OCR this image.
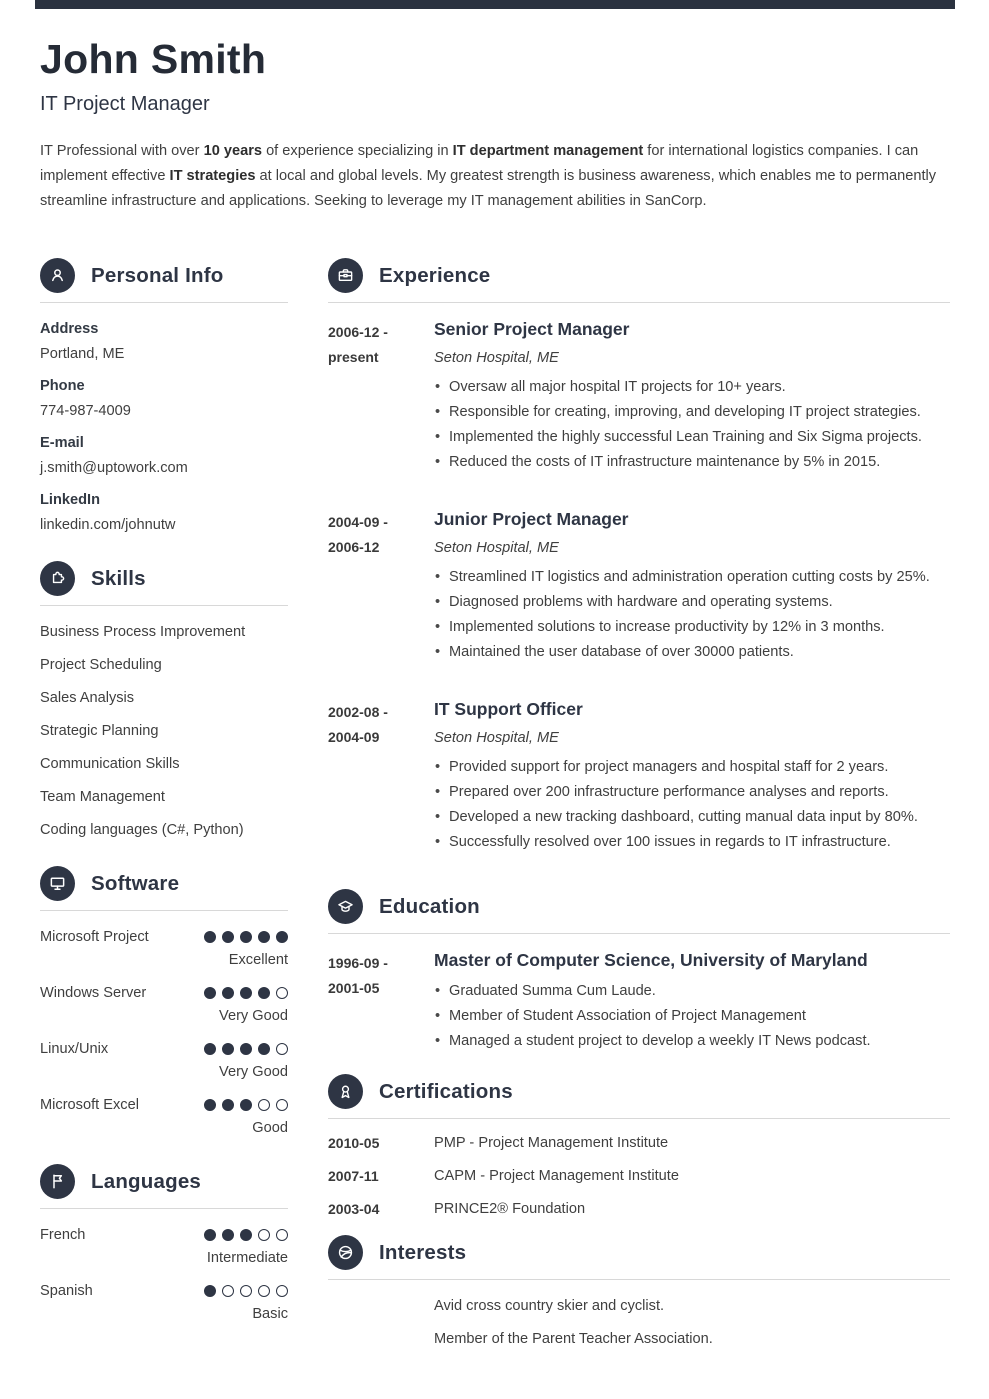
John Smith
IT Project Manager

IT Professional with over 10 years of experience specializing in IT department management for international logistics companies. I can implement effective IT strategies at local and global levels. My greatest strength is business awareness, which enables me to permanently streamline infrastructure and applications. Seeking to leverage my IT management abilities in SanCorp.

Personal Info
Address
Portland, ME
Phone
774-987-4009
E-mail
j.smith@uptowork.com
LinkedIn
linkedin.com/johnutw
Skills
Business Process Improvement
Project Scheduling
Sales Analysis
Strategic Planning
Communication Skills
Team Management
Coding languages (C#, Python)
Software
Microsoft Project
Excellent
Windows Server
Very Good
Linux/Unix
Very Good
Microsoft Excel
Good
Languages
French
Intermediate
Spanish
Basic
Experience
2006-12 -
present
Senior Project Manager
Seton Hospital, ME
• Oversaw all major hospital IT projects for 10+ years.
• Responsible for creating, improving, and developing IT project strategies.
• Implemented the highly successful Lean Training and Six Sigma projects.
• Reduced the costs of IT infrastructure maintenance by 5% in 2015.
2004-09 -
2006-12
Junior Project Manager
Seton Hospital, ME
• Streamlined IT logistics and administration operation cutting costs by 25%.
• Diagnosed problems with hardware and operating systems.
• Implemented solutions to increase productivity by 12% in 3 months.
• Maintained the user database of over 30000 patients.
2002-08 -
2004-09
IT Support Officer
Seton Hospital, ME
• Provided support for project managers and hospital staff for 2 years.
• Prepared over 200 infrastructure performance analyses and reports.
• Developed a new tracking dashboard, cutting manual data input by 80%.
• Successfully resolved over 100 issues in regards to IT infrastructure.
Education
1996-09 -
2001-05
Master of Computer Science, University of Maryland
• Graduated Summa Cum Laude.
• Member of Student Association of Project Management
• Managed a student project to develop a weekly IT News podcast.
Certifications
2010-05	PMP - Project Management Institute
2007-11	CAPM - Project Management Institute
2003-04	PRINCE2® Foundation
Interests
Avid cross country skier and cyclist.
Member of the Parent Teacher Association.
